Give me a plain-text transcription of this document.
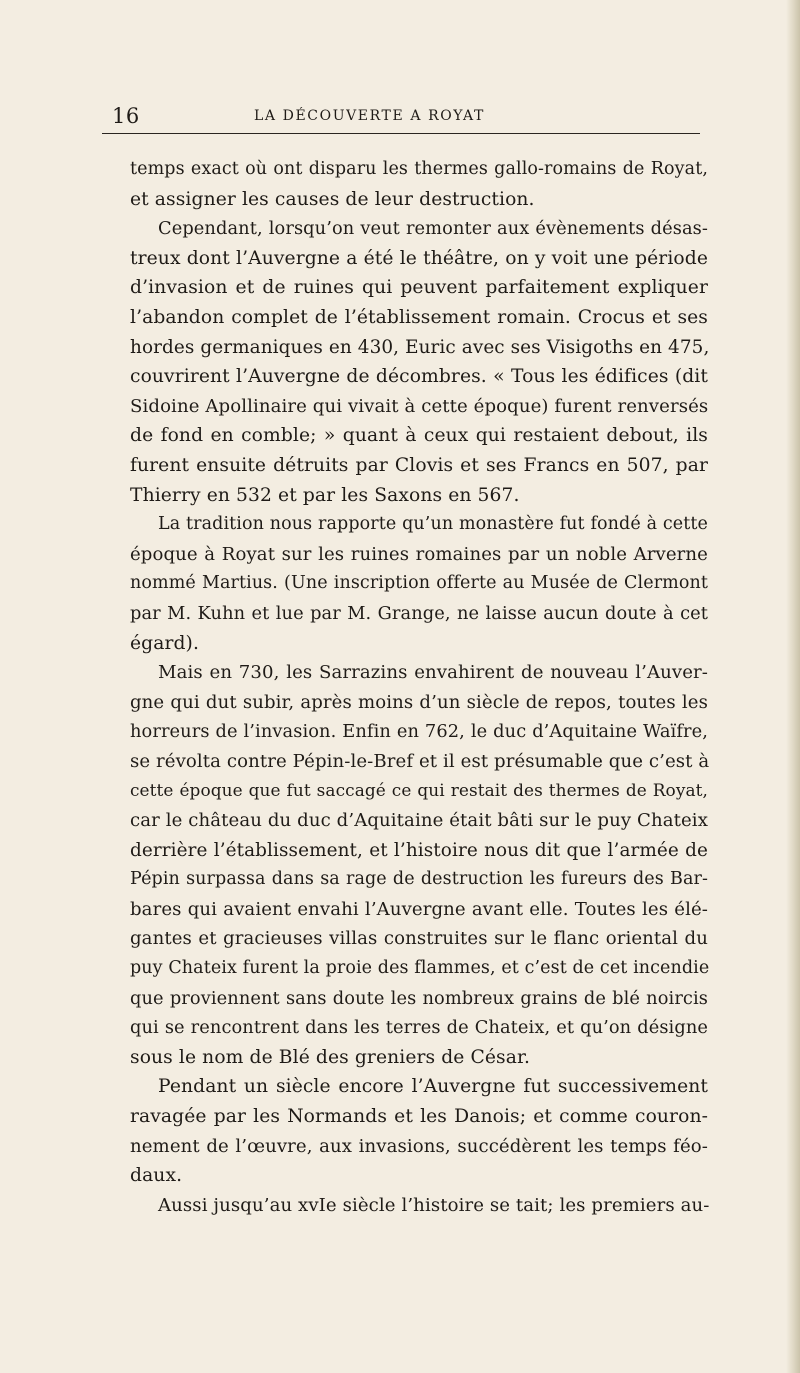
16	LA DÉCOUVERTE A ROYAT
temps exact où ont disparu les thermes gallo-romains de Royat,
et assigner les causes de leur destruction.
Cependant, lorsqu’on veut remonter aux évènements désas-
treux dont l’Auvergne a été le théâtre, on y voit une période
d’invasion et de ruines qui peuvent parfaitement expliquer
l’abandon complet de l’établissement romain. Crocus et ses
hordes germaniques en 430, Euric avec ses Visigoths en 475,
couvrirent l’Auvergne de décombres. « Tous les édifices (dit
Sidoine Apollinaire qui vivait à cette époque) furent renversés
de fond en comble; » quant à ceux qui restaient debout, ils
furent ensuite détruits par Clovis et ses Francs en 507, par
Thierry en 532 et par les Saxons en 567.
La tradition nous rapporte qu’un monastère fut fondé à cette
époque à Royat sur les ruines romaines par un noble Arverne
nommé Martius. (Une inscription offerte au Musée de Clermont
par M. Kuhn et lue par M. Grange, ne laisse aucun doute à cet
égard).
Mais en 730, les Sarrazins envahirent de nouveau l’Auver-
gne qui dut subir, après moins d’un siècle de repos, toutes les
horreurs de l’invasion. Enfin en 762, le duc d’Aquitaine Waïfre,
se révolta contre Pépin-le-Bref et il est présumable que c’est à
cette époque que fut saccagé ce qui restait des thermes de Royat,
car le château du duc d’Aquitaine était bâti sur le puy Chateix
derrière l’établissement, et l’histoire nous dit que l’armée de
Pépin surpassa dans sa rage de destruction les fureurs des Bar-
bares qui avaient envahi l’Auvergne avant elle. Toutes les élé-
gantes et gracieuses villas construites sur le flanc oriental du
puy Chateix furent la proie des flammes, et c’est de cet incendie
que proviennent sans doute les nombreux grains de blé noircis
qui se rencontrent dans les terres de Chateix, et qu’on désigne
sous le nom de Blé des greniers de César.
Pendant un siècle encore l’Auvergne fut successivement
ravagée par les Normands et les Danois; et comme couron-
nement de l’œuvre, aux invasions, succédèrent les temps féo-
daux.
Aussi jusqu’au xvIe siècle l’histoire se tait; les premiers au-
